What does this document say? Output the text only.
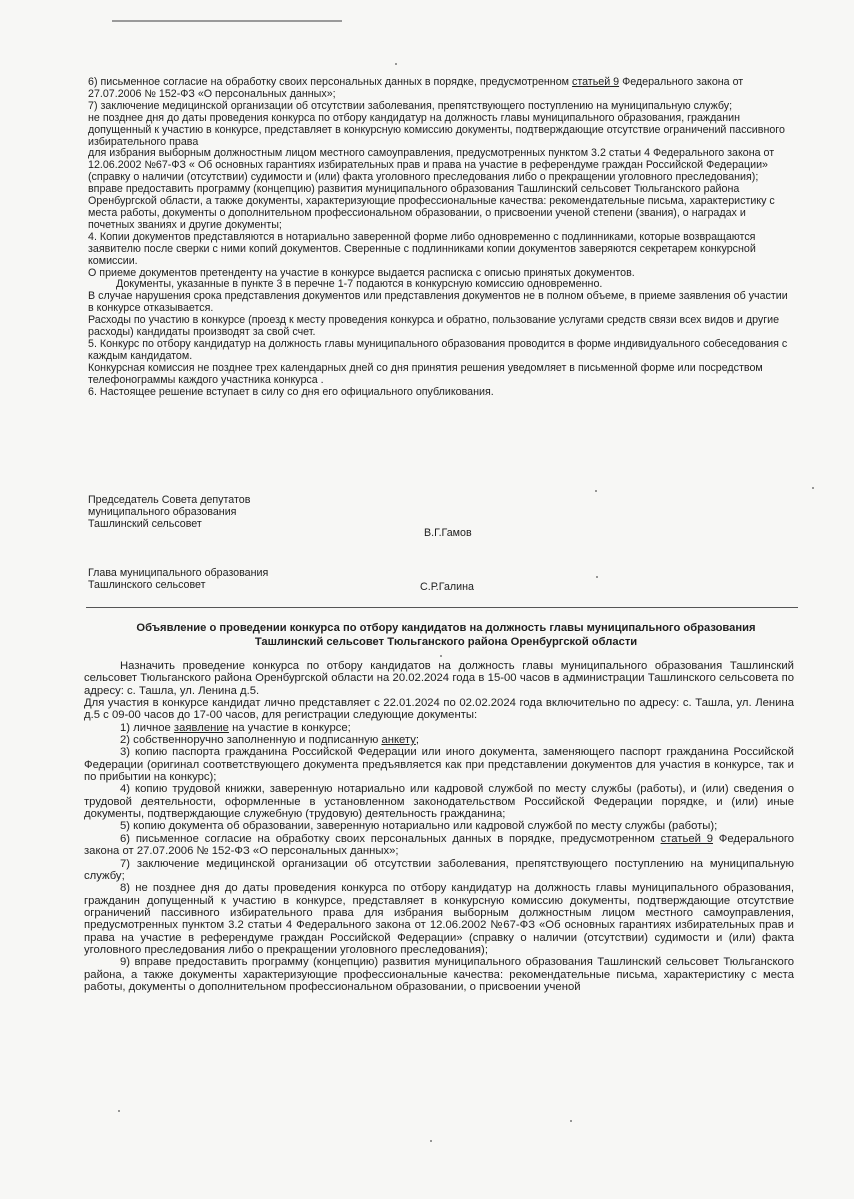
6) письменное согласие на обработку своих персональных данных в порядке, предусмотренном статьей 9 Федерального закона от 27.07.2006 № 152-ФЗ «О персональных данных»;

7) заключение медицинской организации об отсутствии заболевания, препятствующего поступлению на муниципальную службу;

не позднее дня до даты проведения конкурса по отбору кандидатур на должность главы муниципального образования, гражданин допущенный к участию в конкурсе, представляет в конкурсную комиссию документы, подтверждающие отсутствие ограничений пассивного избирательного права

для избрания выборным должностным лицом местного самоуправления, предусмотренных пунктом 3.2 статьи 4 Федерального закона от 12.06.2002 №67-ФЗ « Об основных гарантиях избирательных прав и права на участие в референдуме граждан Российской Федерации» (справку о наличии (отсутствии) судимости и (или) факта уголовного преследования либо о прекращении уголовного преследования);

вправе предоставить программу (концепцию) развития муниципального образования Ташлинский сельсовет Тюльганского района Оренбургской области, а также документы, характеризующие профессиональные качества: рекомендательные письма, характеристику с места работы, документы о дополнительном профессиональном образовании, о присвоении ученой степени (звания), о наградах и почетных званиях и другие документы;

4. Копии документов представляются в нотариально заверенной форме либо одновременно с подлинниками, которые возвращаются заявителю после сверки с ними копий документов. Сверенные с подлинниками копии документов заверяются секретарем конкурсной комиссии.

О приеме документов претенденту на участие в конкурсе выдается расписка с описью принятых документов.

Документы, указанные в пункте 3 в перечне 1-7 подаются в конкурсную комиссию одновременно.

В случае нарушения срока представления документов или представления документов не в полном объеме, в приеме заявления об участии в конкурсе отказывается.

Расходы по участию в конкурсе (проезд к месту проведения конкурса и обратно, пользование услугами средств связи всех видов и другие расходы) кандидаты производят за свой счет.

5. Конкурс по отбору кандидатур на должность главы муниципального образования проводится в форме индивидуального собеседования с каждым кандидатом.

Конкурсная комиссия не позднее трех календарных дней со дня принятия решения уведомляет в письменной форме или посредством телефонограммы каждого участника конкурса .

6. Настоящее решение вступает в силу со дня его официального опубликования.

Председатель Совета депутатов

муниципального образования

Ташлинский сельсовет

В.Г.Гамов

Глава муниципального образования

Ташлинского сельсовет	С.Р.Галина

Объявление о проведении конкурса по отбору кандидатов на должность главы муниципального образования

Ташлинский сельсовет Тюльганского района Оренбургской области

Назначить проведение конкурса по отбору кандидатов на должность главы муниципального образования Ташлинский сельсовет Тюльганского района Оренбургской области на 20.02.2024 года в 15-00 часов в администрации Ташлинского сельсовета по адресу: с. Ташла, ул. Ленина д.5.

Для участия в конкурсе кандидат лично представляет с 22.01.2024 по 02.02.2024 года включительно по адресу: с. Ташла, ул. Ленина д.5 с 09-00 часов до 17-00 часов, для регистрации следующие документы:

1) личное заявление на участие в конкурсе;

2) собственноручно заполненную и подписанную анкету;

3) копию паспорта гражданина Российской Федерации или иного документа, заменяющего паспорт гражданина Российской Федерации (оригинал соответствующего документа предъявляется как при представлении документов для участия в конкурсе, так и по прибытии на конкурс);

4) копию трудовой книжки, заверенную нотариально или кадровой службой по месту службы (работы), и (или) сведения о трудовой деятельности, оформленные в установленном законодательством Российской Федерации порядке, и (или) иные документы, подтверждающие служебную (трудовую) деятельность гражданина;

5) копию документа об образовании, заверенную нотариально или кадровой службой по месту службы (работы);

6) письменное согласие на обработку своих персональных данных в порядке, предусмотренном статьей 9 Федерального закона от 27.07.2006 № 152-ФЗ «О персональных данных»;

7) заключение медицинской организации об отсутствии заболевания, препятствующего поступлению на муниципальную службу;

8) не позднее дня до даты проведения конкурса по отбору кандидатур на должность главы муниципального образования, гражданин допущенный к участию в конкурсе, представляет в конкурсную комиссию документы, подтверждающие отсутствие ограничений пассивного избирательного права для избрания выборным должностным лицом местного самоуправления, предусмотренных пунктом 3.2 статьи 4 Федерального закона от 12.06.2002 №67-ФЗ «Об основных гарантиях избирательных прав и права на участие в референдуме граждан Российской Федерации» (справку о наличии (отсутствии) судимости и (или) факта уголовного преследования либо о прекращении уголовного преследования);

9) вправе предоставить программу (концепцию) развития муниципального образования Ташлинский сельсовет Тюльганского района, а также документы характеризующие профессиональные качества: рекомендательные письма, характеристику с места работы, документы о дополнительном профессиональном образовании, о присвоении ученой
